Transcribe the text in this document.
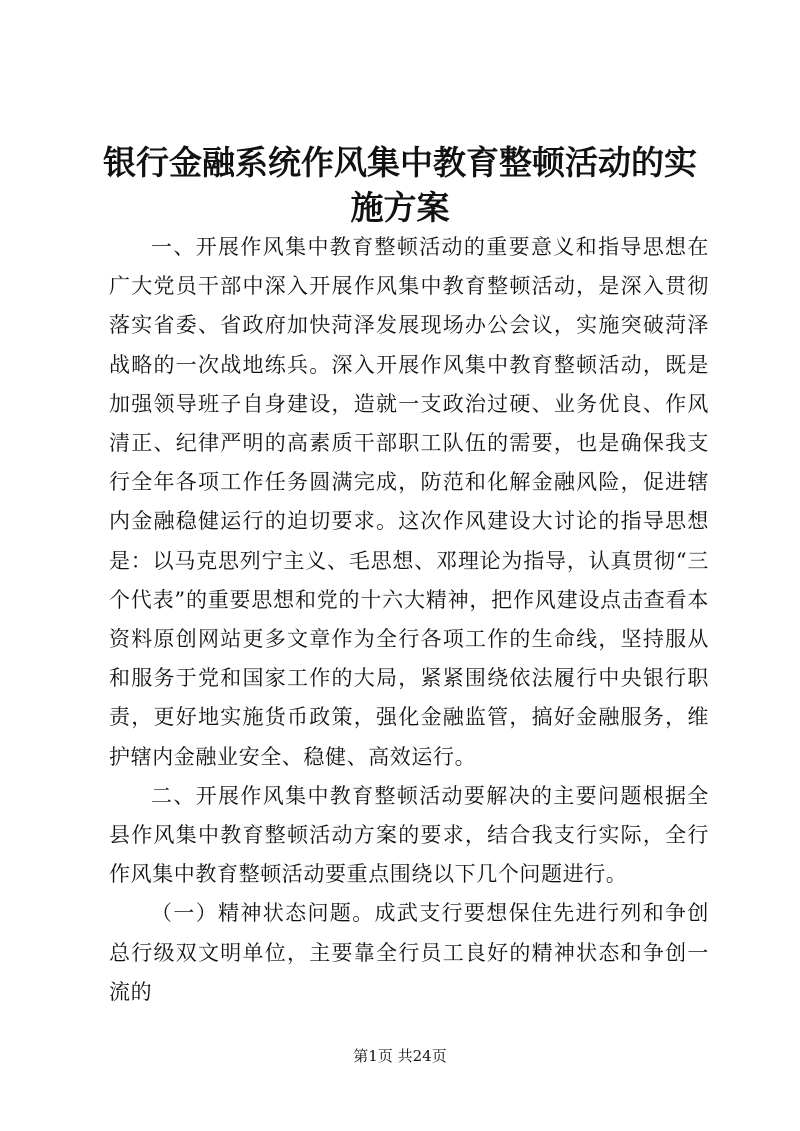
银行金融系统作风集中教育整顿活动的实施方案

一、开展作风集中教育整顿活动的重要意义和指导思想在广大党员干部中深入开展作风集中教育整顿活动，是深入贯彻落实省委、省政府加快菏泽发展现场办公会议，实施突破菏泽战略的一次战地练兵。深入开展作风集中教育整顿活动，既是加强领导班子自身建设，造就一支政治过硬、业务优良、作风清正、纪律严明的高素质干部职工队伍的需要，也是确保我支行全年各项工作任务圆满完成，防范和化解金融风险，促进辖内金融稳健运行的迫切要求。这次作风建设大讨论的指导思想是：以马克思列宁主义、毛思想、邓理论为指导，认真贯彻“三个代表”的重要思想和党的十六大精神，把作风建设点击查看本资料原创网站更多文章作为全行各项工作的生命线，坚持服从和服务于党和国家工作的大局，紧紧围绕依法履行中央银行职责，更好地实施货币政策，强化金融监管，搞好金融服务，维护辖内金融业安全、稳健、高效运行。

二、开展作风集中教育整顿活动要解决的主要问题根据全县作风集中教育整顿活动方案的要求，结合我支行实际，全行作风集中教育整顿活动要重点围绕以下几个问题进行。

（一）精神状态问题。成武支行要想保住先进行列和争创总行级双文明单位，主要靠全行员工良好的精神状态和争创一流的

第1页 共24页
